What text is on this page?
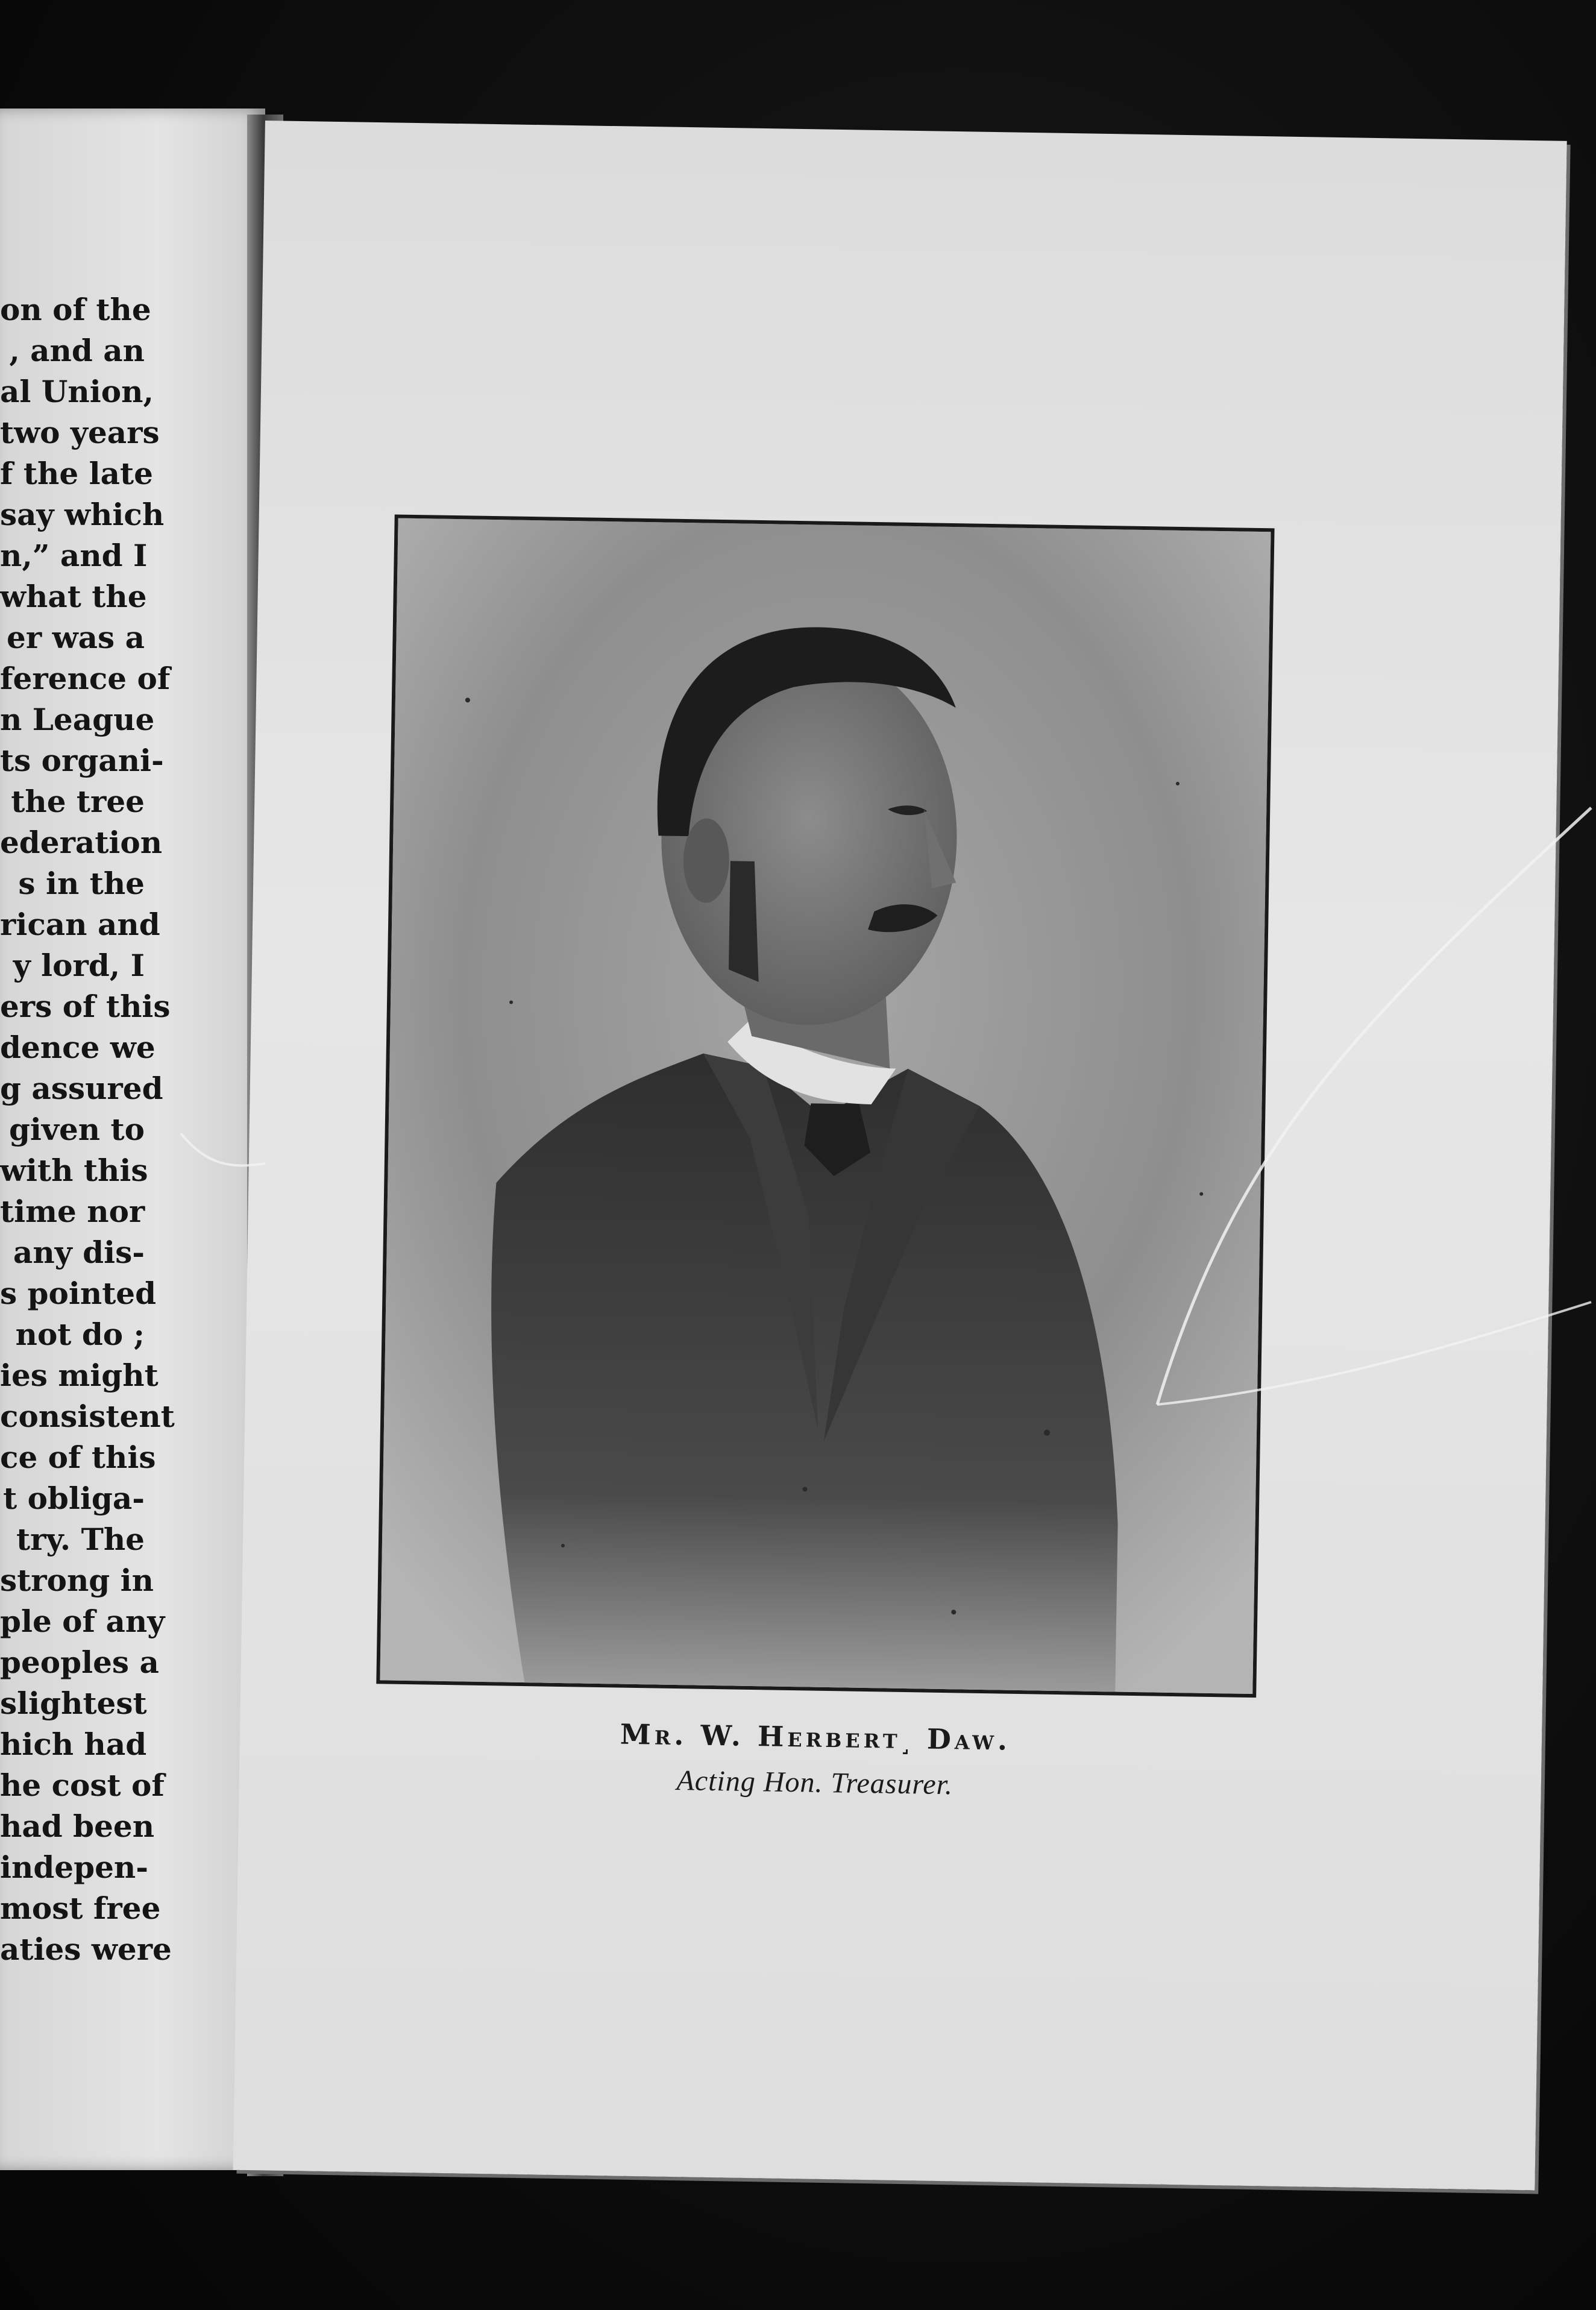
on of the
, and an
al Union,
two years
f the late
say which
n,” and I
what the
er was a
ference of
n League
ts organi-
the tree
ederation
s in the
rican and
y lord, I
ers of this
dence we
g assured
given to
with this
time nor
any dis-
s pointed
not do ;
ies might
consistent
ce of this
t obliga-
try. The
strong in
ple of any
peoples a
slightest
hich had
he cost of
had been
indepen-
most free
aties were

Mr. W. Herbert˼ Daw.

Acting Hon. Treasurer.
